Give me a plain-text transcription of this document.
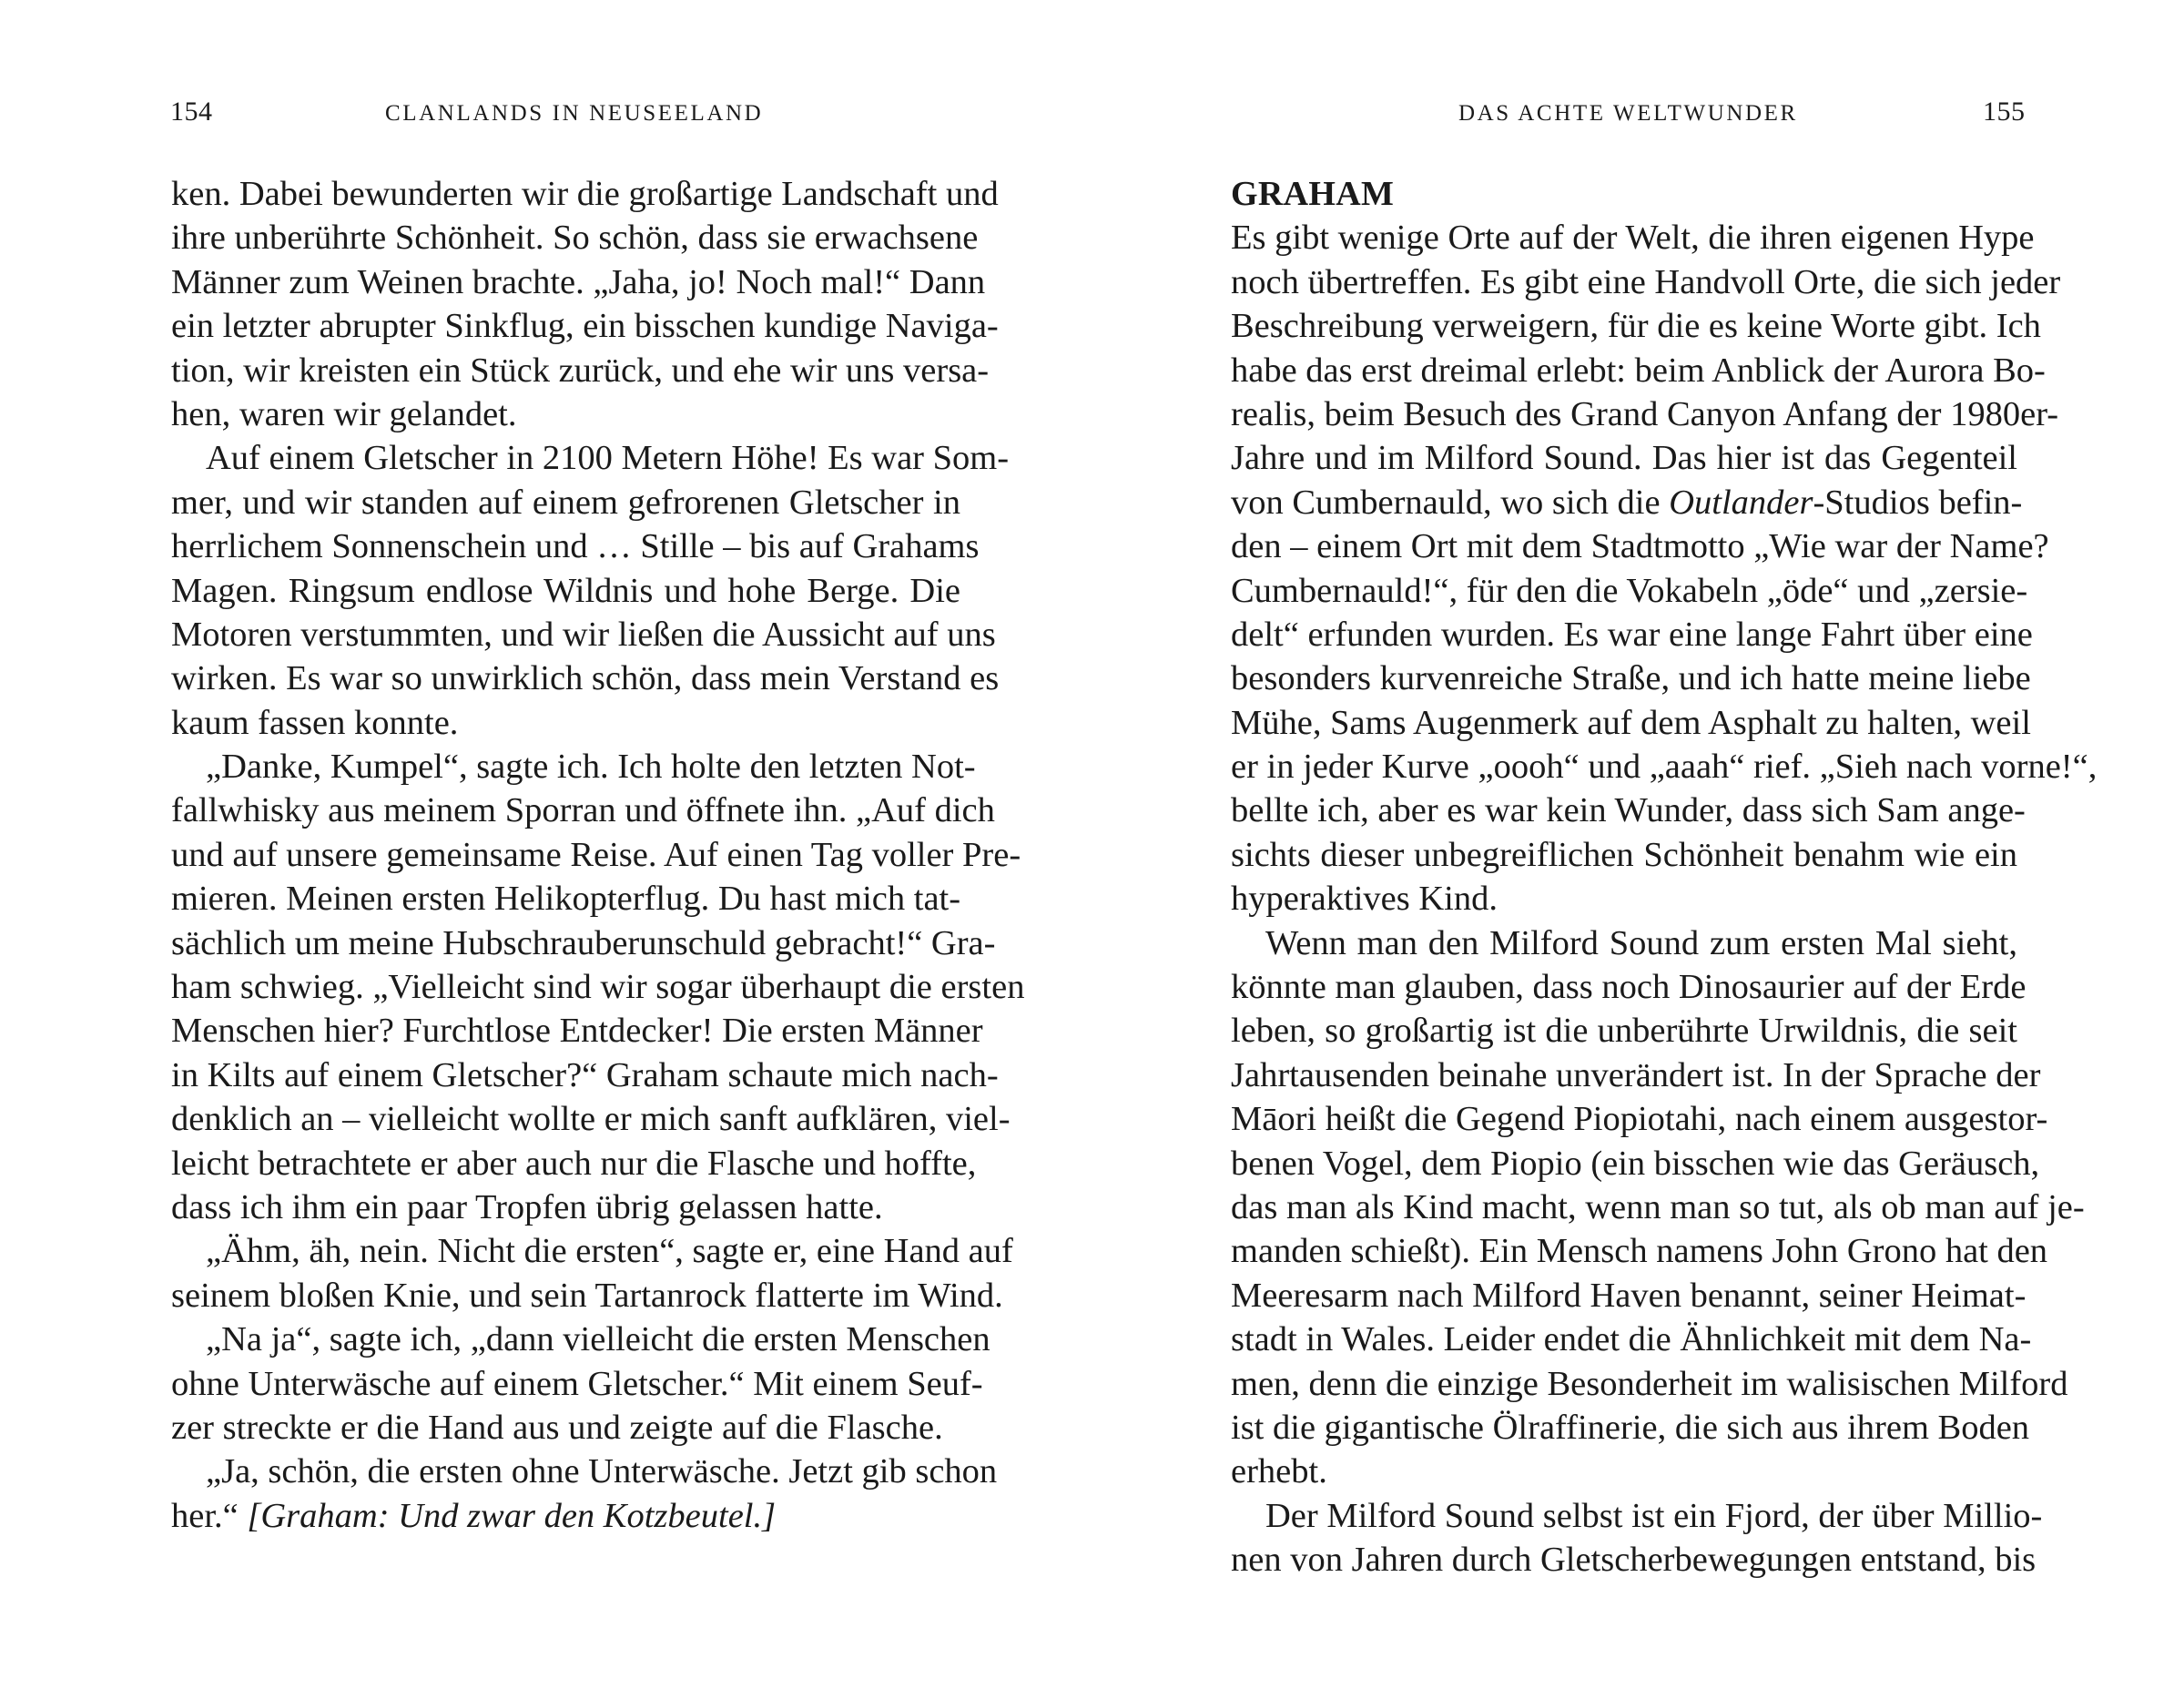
154	CLANLANDS IN NEUSEELAND
ken. Dabei bewunderten wir die großartige Landschaft und
ihre unberührte Schönheit. So schön, dass sie erwachsene
Männer zum Weinen brachte. „Jaha, jo! Noch mal!“ Dann
ein letzter abrupter Sinkflug, ein bisschen kundige Naviga-
tion, wir kreisten ein Stück zurück, und ehe wir uns versa-
hen, waren wir gelandet.
Auf einem Gletscher in 2100 Metern Höhe! Es war Som-
mer, und wir standen auf einem gefrorenen Gletscher in
herrlichem Sonnenschein und … Stille – bis auf Grahams
Magen. Ringsum endlose Wildnis und hohe Berge. Die
Motoren verstummten, und wir ließen die Aussicht auf uns
wirken. Es war so unwirklich schön, dass mein Verstand es
kaum fassen konnte.
„Danke, Kumpel“, sagte ich. Ich holte den letzten Not-
fallwhisky aus meinem Sporran und öffnete ihn. „Auf dich
und auf unsere gemeinsame Reise. Auf einen Tag voller Pre-
mieren. Meinen ersten Helikopterflug. Du hast mich tat-
sächlich um meine Hubschrauberunschuld gebracht!“ Gra-
ham schwieg. „Vielleicht sind wir sogar überhaupt die ersten
Menschen hier? Furchtlose Entdecker! Die ersten Männer
in Kilts auf einem Gletscher?“ Graham schaute mich nach-
denklich an – vielleicht wollte er mich sanft aufklären, viel-
leicht betrachtete er aber auch nur die Flasche und hoffte,
dass ich ihm ein paar Tropfen übrig gelassen hatte.
„Ähm, äh, nein. Nicht die ersten“, sagte er, eine Hand auf
seinem bloßen Knie, und sein Tartanrock flatterte im Wind.
„Na ja“, sagte ich, „dann vielleicht die ersten Menschen
ohne Unterwäsche auf einem Gletscher.“ Mit einem Seuf-
zer streckte er die Hand aus und zeigte auf die Flasche.
„Ja, schön, die ersten ohne Unterwäsche. Jetzt gib schon
her.“ [Graham: Und zwar den Kotzbeutel.]
DAS ACHTE WELTWUNDER	155
GRAHAM
Es gibt wenige Orte auf der Welt, die ihren eigenen Hype
noch übertreffen. Es gibt eine Handvoll Orte, die sich jeder
Beschreibung verweigern, für die es keine Worte gibt. Ich
habe das erst dreimal erlebt: beim Anblick der Aurora Bo-
realis, beim Besuch des Grand Canyon Anfang der 1980er-
Jahre und im Milford Sound. Das hier ist das Gegenteil
von Cumbernauld, wo sich die Outlander-Studios befin-
den – einem Ort mit dem Stadtmotto „Wie war der Name?
Cumbernauld!“, für den die Vokabeln „öde“ und „zersie-
delt“ erfunden wurden. Es war eine lange Fahrt über eine
besonders kurvenreiche Straße, und ich hatte meine liebe
Mühe, Sams Augenmerk auf dem Asphalt zu halten, weil
er in jeder Kurve „oooh“ und „aaah“ rief. „Sieh nach vorne!“,
bellte ich, aber es war kein Wunder, dass sich Sam ange-
sichts dieser unbegreiflichen Schönheit benahm wie ein
hyperaktives Kind.
Wenn man den Milford Sound zum ersten Mal sieht,
könnte man glauben, dass noch Dinosaurier auf der Erde
leben, so großartig ist die unberührte Urwildnis, die seit
Jahrtausenden beinahe unverändert ist. In der Sprache der
Māori heißt die Gegend Piopiotahi, nach einem ausgestor-
benen Vogel, dem Piopio (ein bisschen wie das Geräusch,
das man als Kind macht, wenn man so tut, als ob man auf je-
manden schießt). Ein Mensch namens John Grono hat den
Meeresarm nach Milford Haven benannt, seiner Heimat-
stadt in Wales. Leider endet die Ähnlichkeit mit dem Na-
men, denn die einzige Besonderheit im walisischen Milford
ist die gigantische Ölraffinerie, die sich aus ihrem Boden
erhebt.
Der Milford Sound selbst ist ein Fjord, der über Millio-
nen von Jahren durch Gletscherbewegungen entstand, bis
